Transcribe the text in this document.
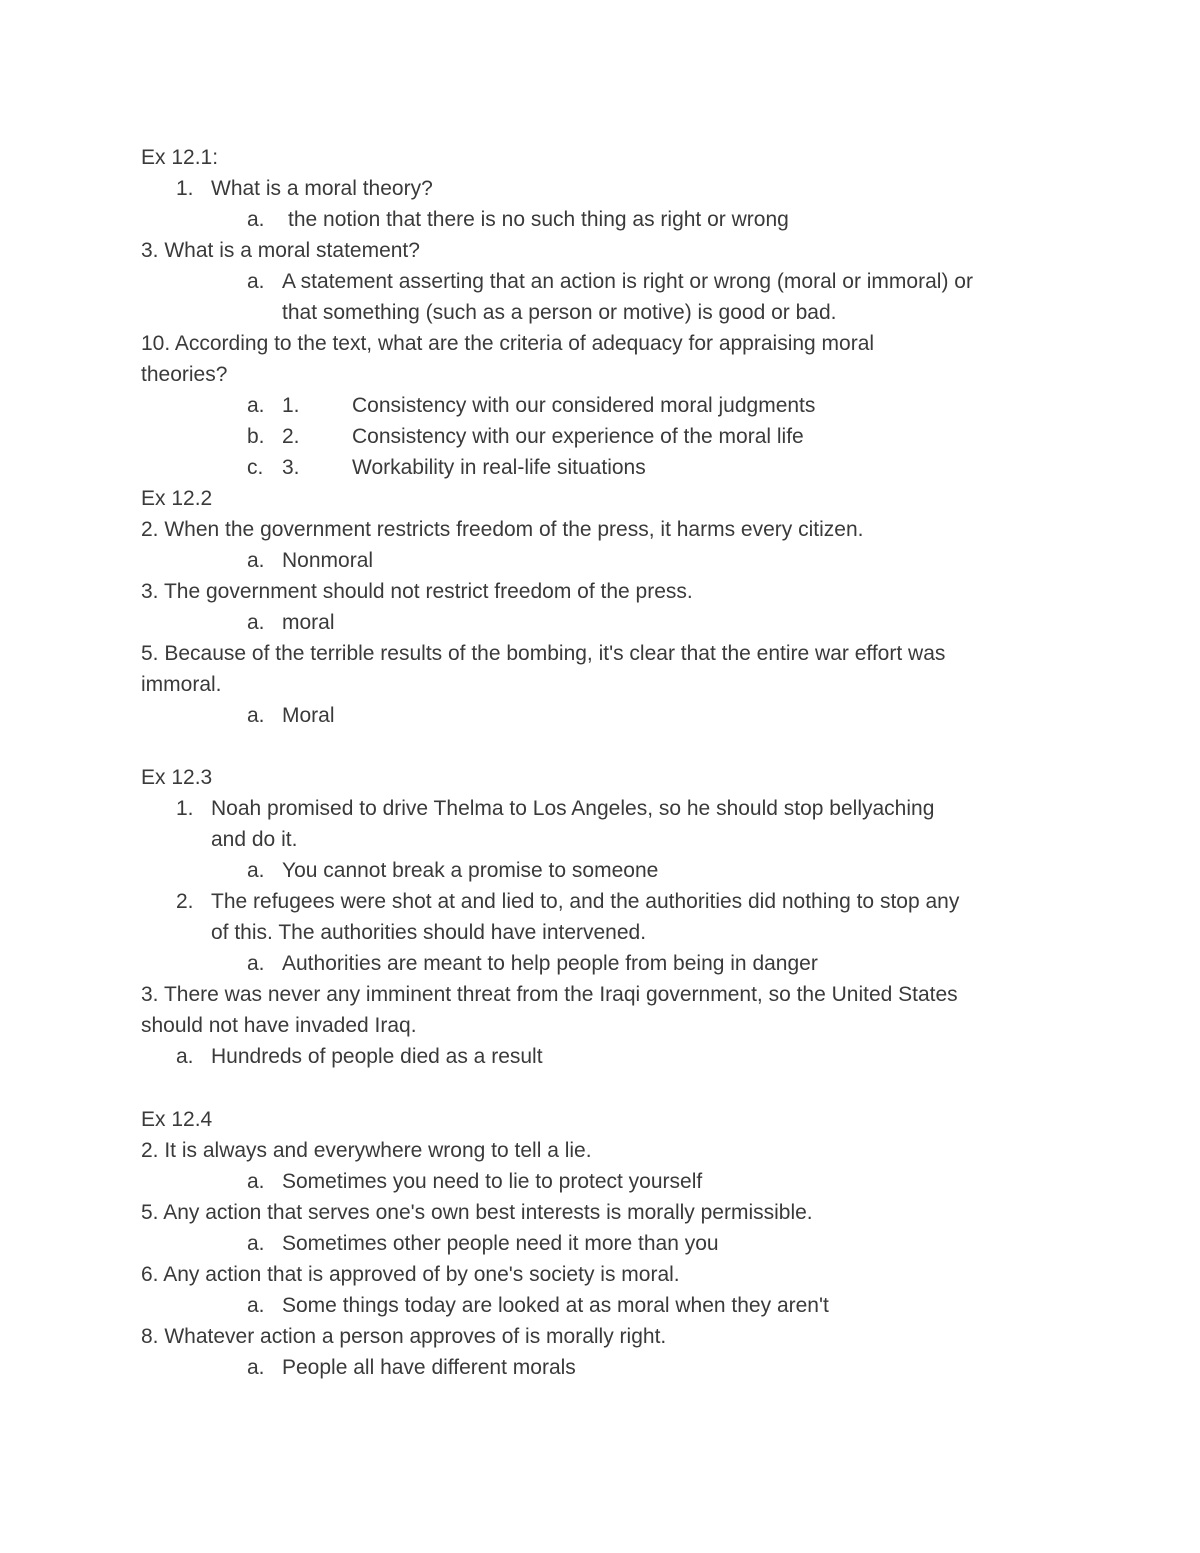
Ex 12.1:
1. What is a moral theory?
a. the notion that there is no such thing as right or wrong
3. What is a moral statement?
a. A statement asserting that an action is right or wrong (moral or immoral) or
that something (such as a person or motive) is good or bad.
10. According to the text, what are the criteria of adequacy for appraising moral
theories?
a. 1. Consistency with our considered moral judgments
b. 2. Consistency with our experience of the moral life
c. 3. Workability in real-life situations
Ex 12.2
2. When the government restricts freedom of the press, it harms every citizen.
a. Nonmoral
3. The government should not restrict freedom of the press.
a. moral
5. Because of the terrible results of the bombing, it's clear that the entire war effort was
immoral.
a. Moral
Ex 12.3
1. Noah promised to drive Thelma to Los Angeles, so he should stop bellyaching
and do it.
a. You cannot break a promise to someone
2. The refugees were shot at and lied to, and the authorities did nothing to stop any
of this. The authorities should have intervened.
a. Authorities are meant to help people from being in danger
3. There was never any imminent threat from the Iraqi government, so the United States
should not have invaded Iraq.
a. Hundreds of people died as a result
Ex 12.4
2. It is always and everywhere wrong to tell a lie.
a. Sometimes you need to lie to protect yourself
5. Any action that serves one's own best interests is morally permissible.
a. Sometimes other people need it more than you
6. Any action that is approved of by one's society is moral.
a. Some things today are looked at as moral when they aren't
8. Whatever action a person approves of is morally right.
a. People all have different morals
